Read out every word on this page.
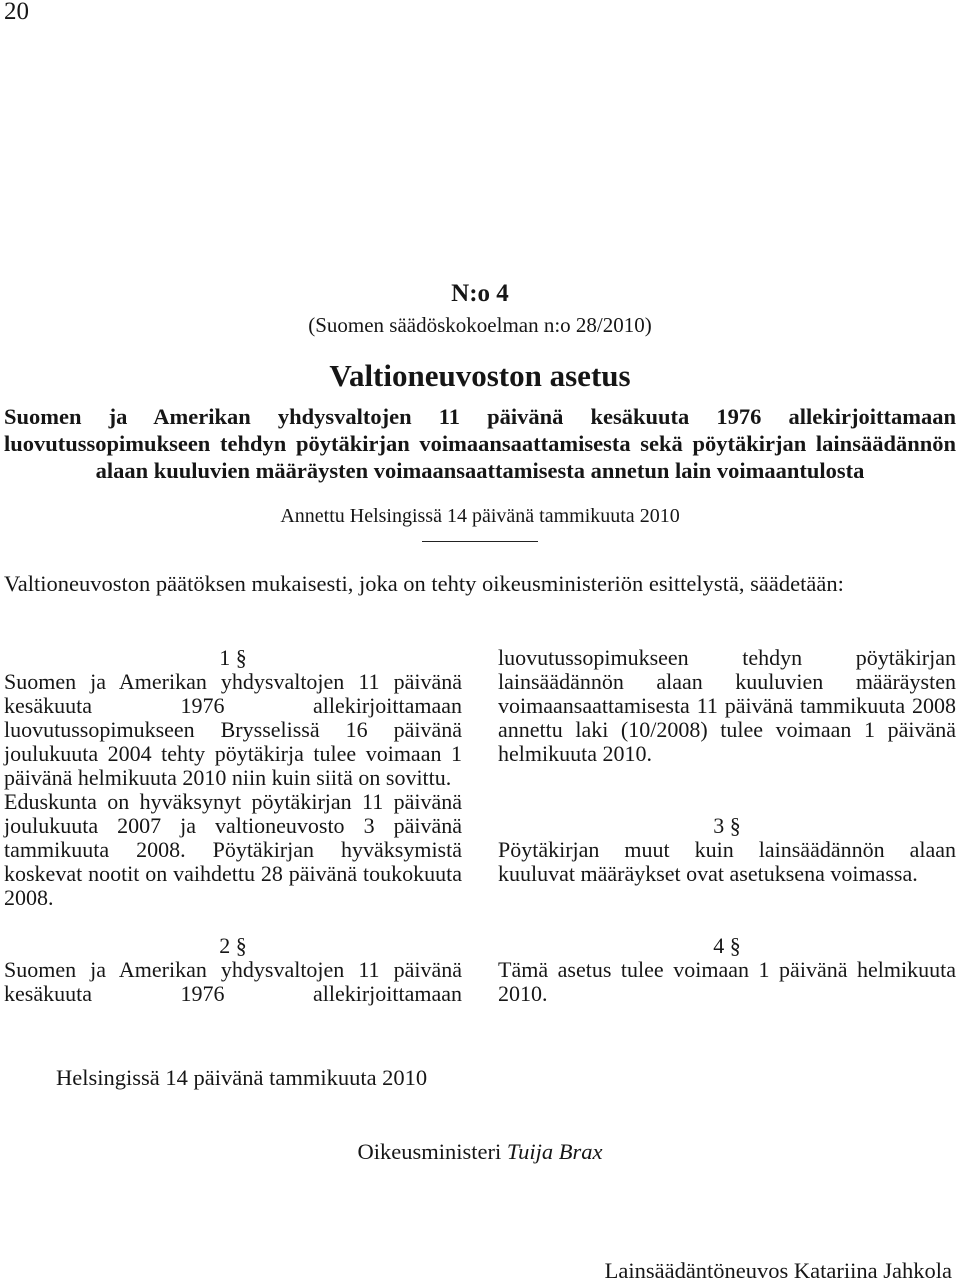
20
N:o 4
(Suomen säädöskokoelman n:o 28/2010)
Valtioneuvoston asetus
Suomen ja Amerikan yhdysvaltojen 11 päivänä kesäkuuta 1976 allekirjoittamaan luovutussopimukseen tehdyn pöytäkirjan voimaansaattamisesta sekä pöytäkirjan lainsäädännön alaan kuuluvien määräysten voimaansaattamisesta annetun lain voimaantulosta
Annettu Helsingissä 14 päivänä tammikuuta 2010
Valtioneuvoston päätöksen mukaisesti, joka on tehty oikeusministeriön esittelystä, säädetään:
1 §

Suomen ja Amerikan yhdysvaltojen 11 päivänä kesäkuuta 1976 allekirjoittamaan luovutussopimukseen Brysselissä 16 päivänä joulukuuta 2004 tehty pöytäkirja tulee voimaan 1 päivänä helmikuuta 2010 niin kuin siitä on sovittu.

Eduskunta on hyväksynyt pöytäkirjan 11 päivänä joulukuuta 2007 ja valtioneuvosto 3 päivänä tammikuuta 2008. Pöytäkirjan hyväksymistä koskevat nootit on vaihdettu 28 päivänä toukokuuta 2008.

2 §

Suomen ja Amerikan yhdysvaltojen 11 päivänä kesäkuuta 1976 allekirjoittamaan

luovutussopimukseen tehdyn pöytäkirjan lainsäädännön alaan kuuluvien määräysten voimaansaattamisesta 11 päivänä tammikuuta 2008 annettu laki (10/2008) tulee voimaan 1 päivänä helmikuuta 2010.

3 §

Pöytäkirjan muut kuin lainsäädännön alaan kuuluvat määräykset ovat asetuksena voimassa.

4 §

Tämä asetus tulee voimaan 1 päivänä helmikuuta 2010.

Helsingissä 14 päivänä tammikuuta 2010
Oikeusministeri Tuija Brax
Lainsäädäntöneuvos Katariina Jahkola
